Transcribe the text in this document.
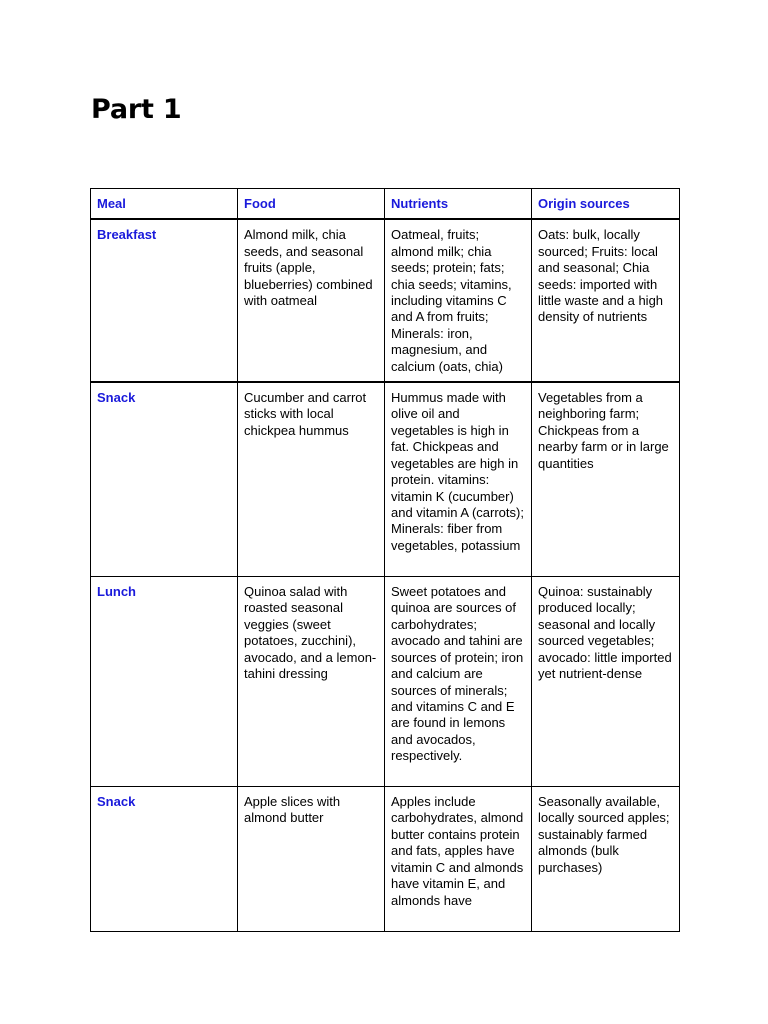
Part 1
Meal	Food	Nutrients	Origin sources
Breakfast	Almond milk, chia seeds, and seasonal fruits (apple, blueberries) combined with oatmeal	Oatmeal, fruits; almond milk; chia seeds; protein; fats; chia seeds; vitamins, including vitamins C and A from fruits; Minerals: iron, magnesium, and calcium (oats, chia)	Oats: bulk, locally sourced; Fruits: local and seasonal; Chia seeds: imported with little waste and a high density of nutrients
Snack	Cucumber and carrot sticks with local chickpea hummus	Hummus made with olive oil and vegetables is high in fat. Chickpeas and vegetables are high in protein. vitamins: vitamin K (cucumber) and vitamin A (carrots); Minerals: fiber from vegetables, potassium	Vegetables from a neighboring farm; Chickpeas from a nearby farm or in large quantities
Lunch	Quinoa salad with roasted seasonal veggies (sweet potatoes, zucchini), avocado, and a lemon-tahini dressing	Sweet potatoes and quinoa are sources of carbohydrates; avocado and tahini are sources of protein; iron and calcium are sources of minerals; and vitamins C and E are found in lemons and avocados, respectively.	Quinoa: sustainably produced locally; seasonal and locally sourced vegetables; avocado: little imported yet nutrient-dense
Snack	Apple slices with almond butter	Apples include carbohydrates, almond butter contains protein and fats, apples have vitamin C and almonds have vitamin E, and almonds have	Seasonally available, locally sourced apples; sustainably farmed almonds (bulk purchases)
